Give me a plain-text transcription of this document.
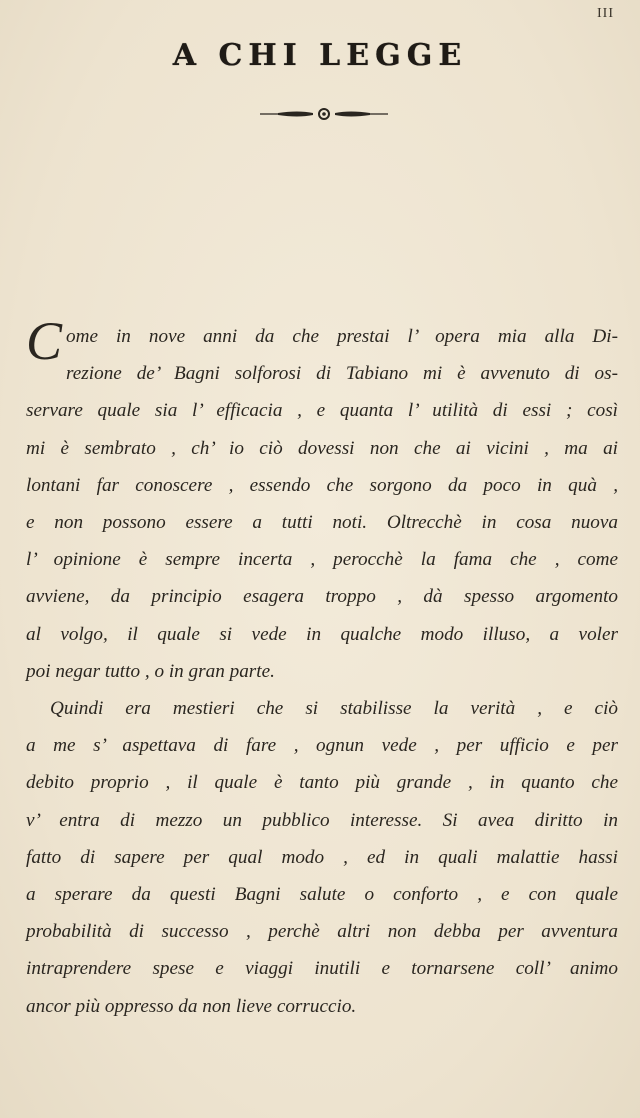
III
A CHI LEGGE
C ome in nove anni da che prestai l’ opera mia alla Di-
rezione de’ Bagni solforosi di Tabiano mi è avvenuto di os-
servare quale sia l’ efficacia , e quanta l’ utilità di essi ; così
mi è sembrato , ch’ io ciò dovessi non che ai vicini , ma ai
lontani far conoscere , essendo che sorgono da poco in quà ,
e non possono essere a tutti noti. Oltrecchè in cosa nuova
l’ opinione è sempre incerta , perocchè la fama che , come
avviene, da principio esagera troppo , dà spesso argomento
al volgo, il quale si vede in qualche modo illuso, a voler
poi negar tutto , o in gran parte.
Quindi era mestieri che si stabilisse la verità , e ciò
a me s’ aspettava di fare , ognun vede , per ufficio e per
debito proprio , il quale è tanto più grande , in quanto che
v’ entra di mezzo un pubblico interesse. Si avea diritto in
fatto di sapere per qual modo , ed in quali malattie hassi
a sperare da questi Bagni salute o conforto , e con quale
probabilità di successo , perchè altri non debba per avventura
intraprendere spese e viaggi inutili e tornarsene coll’ animo
ancor più oppresso da non lieve corruccio.
